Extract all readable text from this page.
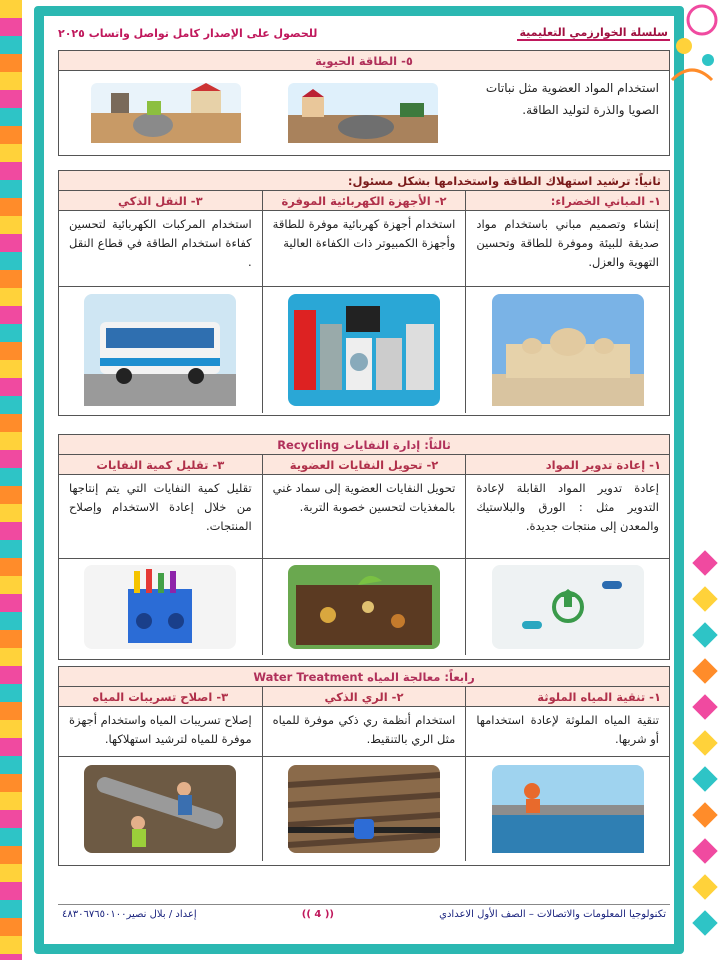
سلسلة الخوارزمي التعليمية
للحصول على الإصدار كامل تواصل واتساب ٢٠٢٥
٥- الطاقة الحيوية
استخدام المواد العضوية مثل نباتات الصويا والذرة لتوليد الطاقة.
ثانياً: ترشيد استهلاك الطاقة واستخدامها بشكل مسئول:
١- المباني الخضراء:
إنشاء وتصميم مباني باستخدام مواد صديقة للبيئة وموفرة للطاقة وتحسين التهوية والعزل.
٢- الأجهزة الكهربائية الموفرة
استخدام أجهزة كهربائية موفرة للطاقة وأجهزة الكمبيوتر ذات الكفاءة العالية
٣- النقل الذكي
استخدام المركبات الكهربائية لتحسين كفاءة استخدام الطاقة في قطاع النقل .
ثالثاً: إدارة النفايات Recycling
١- إعادة تدوير المواد
إعادة تدوير المواد القابلة لإعادة التدوير مثل : الورق والبلاستيك والمعدن إلى منتجات جديدة.
٢- تحويل النفايات العضوية
تحويل النفايات العضوية إلى سماد غني بالمغذيات لتحسين خصوبة التربة.
٣- تقليل كمية النفايات
تقليل كمية النفايات التي يتم إنتاجها من خلال إعادة الاستخدام وإصلاح المنتجات.
رابعاً: معالجة المياه Water Treatment
١- تنقية المياه الملوثة
تنقية المياه الملوثة لإعادة استخدامها أو شربها.
٢- الري الذكي
استخدام أنظمة ري ذكي موفرة للمياه مثل الري بالتنقيط.
٣- اصلاح تسريبات المياه
إصلاح تسريبات المياه واستخدام أجهزة موفرة للمياه لترشيد استهلاكها.
تكنولوجيا المعلومات والاتصالات – الصف الأول الاعدادي
(( 4 ))
إعداد / بلال نصير٤٨٣٠٦٧٦٥٠١٠٠
